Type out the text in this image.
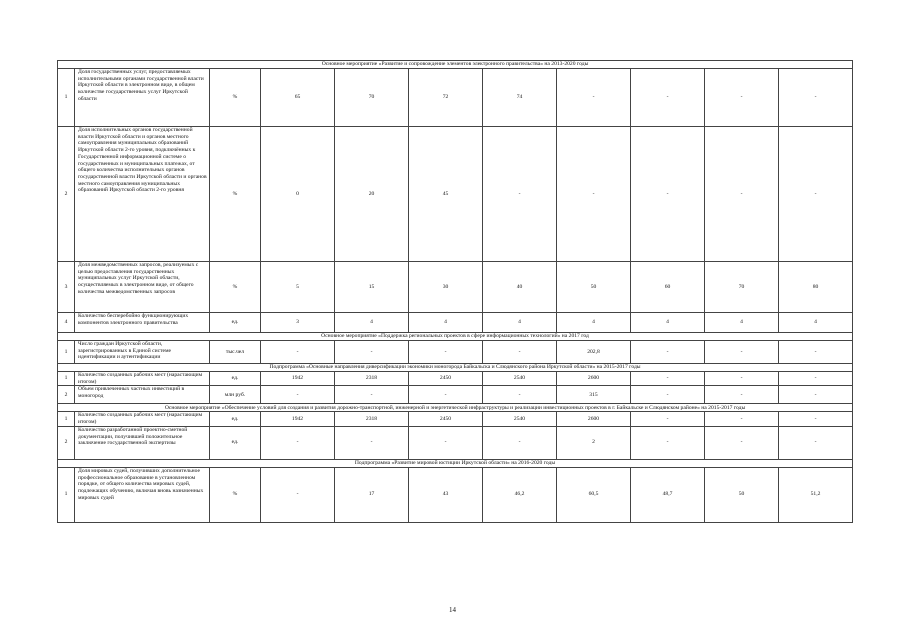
Основное мероприятие «Развитие и сопровождение элементов электронного правительства» на 2013-2020 годы										
1	Доля государственных услуг, предоставляемых исполнительными органами государственной власти Иркутской области в электронном виде, в общем количестве государственных услуг Иркутской области	%	65	70	72	74	-	-	-	-
2	Доля исполнительных органов государственной власти Иркутской области и органов местного самоуправления муниципальных образований Иркутской области 2-го уровня, подключённых к Государственной информационной системе о государственных и муниципальных платежах, от общего количества исполнительных органов государственной власти Иркутской области и органов местного самоуправления муниципальных образований Иркутской области 2-го уровня	%	0	20	45	-	-	-	-	-
3	Доля межведомственных запросов, реализуемых с целью предоставления государственных муниципальных услуг Иркутской области, осуществляемых в электронном виде, от общего количества межведомственных запросов	%	5	15	30	40	50	60	70	80
4	Количество бесперебойно функционирующих компонентов электронного правительства	ед.	3	4	4	4	4	4	4	4
Основное мероприятие «Поддержка региональных проектов в сфере информационных технологий» на 2017 год										
1	Число граждан Иркутской области, зарегистрированных в Единой системе идентификации и аутентификации	тыс.чел	-	-	-	-	202,8	-	-	-
Подпрограмма «Основные направления диверсификации экономики моногорода Байкальска и Слюдянского района Иркутской области» на 2015-2017 годы										
1	Количество созданных рабочих мест (нарастающим итогом)	ед.	1942	2318	2450	2540	2600	-	-	-
2	Объем привлеченных частных инвестиций в моногород	млн руб.	-	-	-	-	315	-	-	-
Основное мероприятие «Обеспечение условий для создания и развития дорожно-транспортной, инженерной и энергетической инфраструктуры и реализации инвестиционных проектов в г. Байкальске и Слюдянском районе» на 2015-2017 годы										
1	Количество созданных рабочих мест (нарастающим итогом)	ед.	1942	2318	2450	2540	2600	-	-	-
2	Количество разработанной проектно-сметной документации, получившей положительное заключение государственной экспертизы	ед.	-	-	-	-	2	-	-	-
Подпрограмма «Развитие мировой юстиции Иркутской области» на 2016-2020 годы										
1	Доля мировых судей, получивших дополнительное профессиональное образование в установленном порядке, от общего количества мировых судей, подлежащих обучению, включая вновь назначенных мировых судей	%	-	17	43	46,2	60,5	48,7	50	51,2
14
